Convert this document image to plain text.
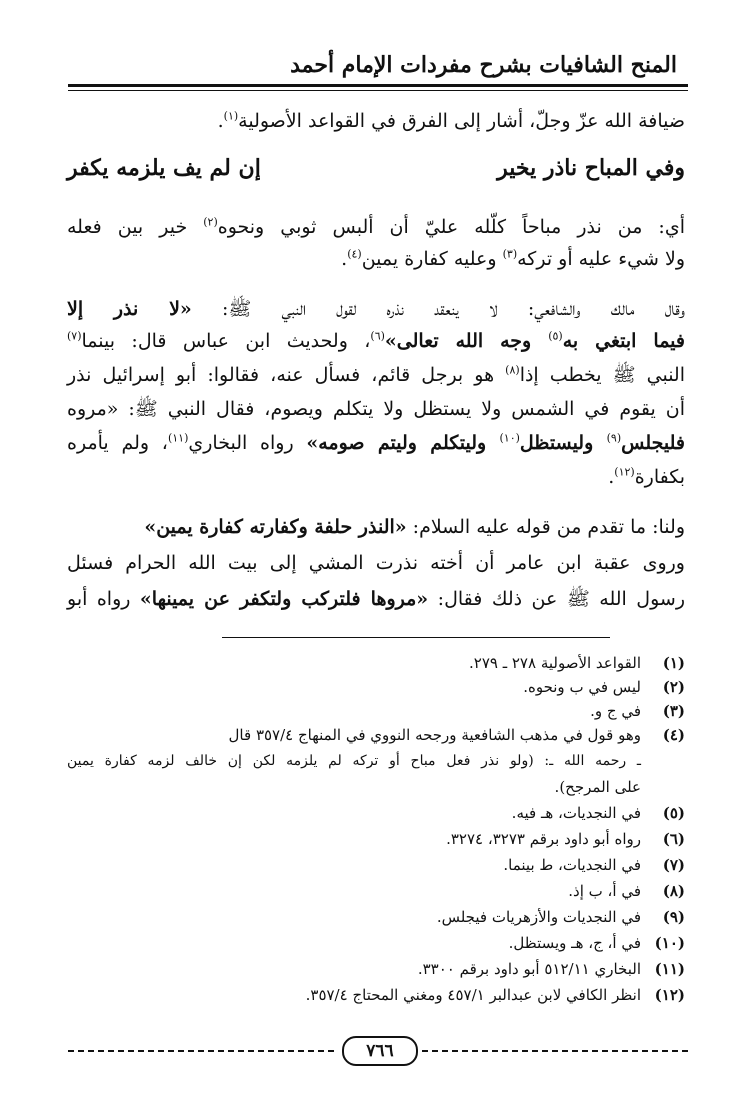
المنح الشافيات بشرح مفردات الإمام أحمد
ضيافة الله عزّ وجلّ، أشار إلى الفرق في القواعد الأصولية$^{(١)}$.
وفي المباح ناذر يخير
إن لم يف يلزمه يكفر
أي: من نذر مباحاً كلّله عليّ أن ألبس ثوبي ونحوه$^{(٢)}$ خير بين فعله
ولا شيء عليه أو تركه$^{(٣)}$ وعليه كفارة يمين$^{(٤)}$.
وقال مالك والشافعي: لا ينعقد نذره لقول النبي ﷺ: «لا نذر إلا
فيما ابتغي به$^{(٥)}$ وجه الله تعالى»$^{(٦)}$، ولحديث ابن عباس قال: بينما$^{(٧)}$
النبي ﷺ يخطب إذا$^{(٨)}$ هو برجل قائم، فسأل عنه، فقالوا: أبو إسرائيل نذر
أن يقوم في الشمس ولا يستظل ولا يتكلم ويصوم، فقال النبي ﷺ: «مروه
فليجلس$^{(٩)}$ وليستظل$^{(١٠)}$ وليتكلم وليتم صومه» رواه البخاري$^{(١١)}$، ولم يأمره
بكفارة$^{(١٢)}$.
ولنا: ما تقدم من قوله عليه السلام: «النذر حلفة وكفارته كفارة يمين»
وروى عقبة ابن عامر أن أخته نذرت المشي إلى بيت الله الحرام فسئل
رسول الله ﷺ عن ذلك فقال: «مروها فلتركب ولتكفر عن يمينها» رواه أبو
(١)القواعد الأصولية ٢٧٨ ـ ٢٧٩.
(٢)ليس في ب ونحوه.
(٣)في ج و.
(٤)وهو قول في مذهب الشافعية ورجحه النووي في المنهاج ٣٥٧/٤ قال
ـ رحمه الله ـ: (ولو نذر فعل مباح أو تركه لم يلزمه لكن إن خالف لزمه كفارة يمين
على المرجح).
(٥)في النجديات، هـ فيه.
(٦)رواه أبو داود برقم ٣٢٧٣، ٣٢٧٤.
(٧)في النجديات، ط بينما.
(٨)في أ، ب إذ.
(٩)في النجديات والأزهريات فيجلس.
(١٠)في أ، ج، هـ ويستظل.
(١١)البخاري ٥١٢/١١ أبو داود برقم ٣٣٠٠.
(١٢)انظر الكافي لابن عبدالبر ٤٥٧/١ ومغني المحتاج ٣٥٧/٤.
٧٦٦
